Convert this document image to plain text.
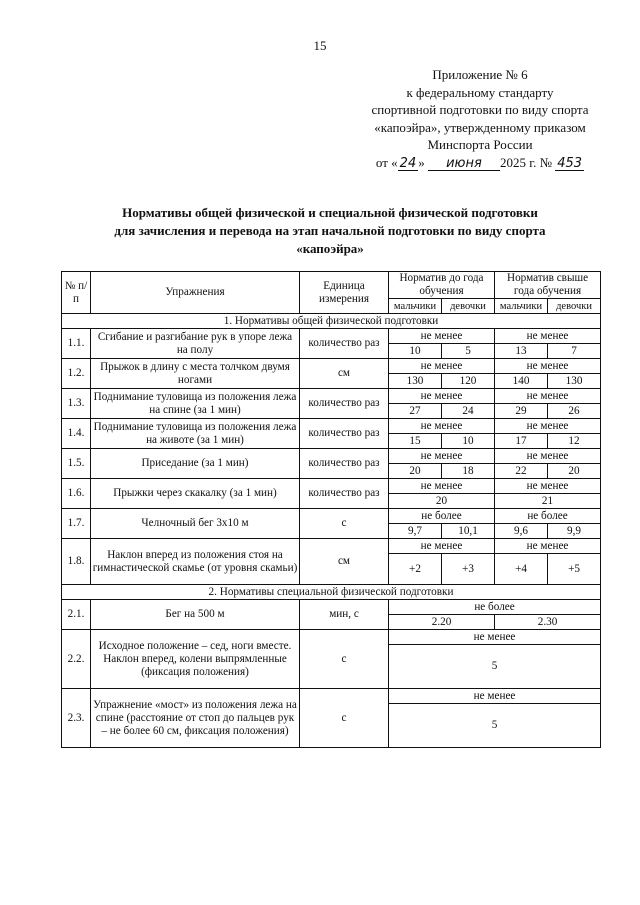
15
Приложение № 6
к федеральному стандарту
спортивной подготовки по виду спорта
«капоэйра», утвержденному приказом
Минспорта России
от « 24 » июня 2025 г. № 453
Нормативы общей физической и специальной физической подготовки
для зачисления и перевода на этап начальной подготовки по виду спорта
«капоэйра»
№ п/п	Упражнения	Единица измерения	Норматив до года обучения		Норматив свыше года обучения	
			мальчики	девочки	мальчики	девочки
1. Нормативы общей физической подготовки						
1.1.	Сгибание и разгибание рук в упоре лежа на полу	количество раз	не менее		не менее	
			10	5	13	7
1.2.	Прыжок в длину с места толчком двумя ногами	см	не менее		не менее	
			130	120	140	130
1.3.	Поднимание туловища из положения лежа на спине (за 1 мин)	количество раз	не менее		не менее	
			27	24	29	26
1.4.	Поднимание туловища из положения лежа на животе (за 1 мин)	количество раз	не менее		не менее	
			15	10	17	12
1.5.	Приседание (за 1 мин)	количество раз	не менее		не менее	
			20	18	22	20
1.6.	Прыжки через скакалку (за 1 мин)	количество раз	не менее		не менее	
			20		21	
1.7.	Челночный бег 3х10 м	с	не более		не более	
			9,7	10,1	9,6	9,9
1.8.	Наклон вперед из положения стоя на гимнастической скамье (от уровня скамьи)	см	не менее		не менее	
			+2	+3	+4	+5
2. Нормативы специальной физической подготовки						
2.1.	Бег на 500 м	мин, с	не более			
			2.20		2.30	
2.2.	Исходное положение – сед, ноги вместе. Наклон вперед, колени выпрямленные (фиксация положения)	с	не менее			
			5			
2.3.	Упражнение «мост» из положения лежа на спине (расстояние от стоп до пальцев рук – не более 60 см, фиксация положения)	с	не менее			
			5			
